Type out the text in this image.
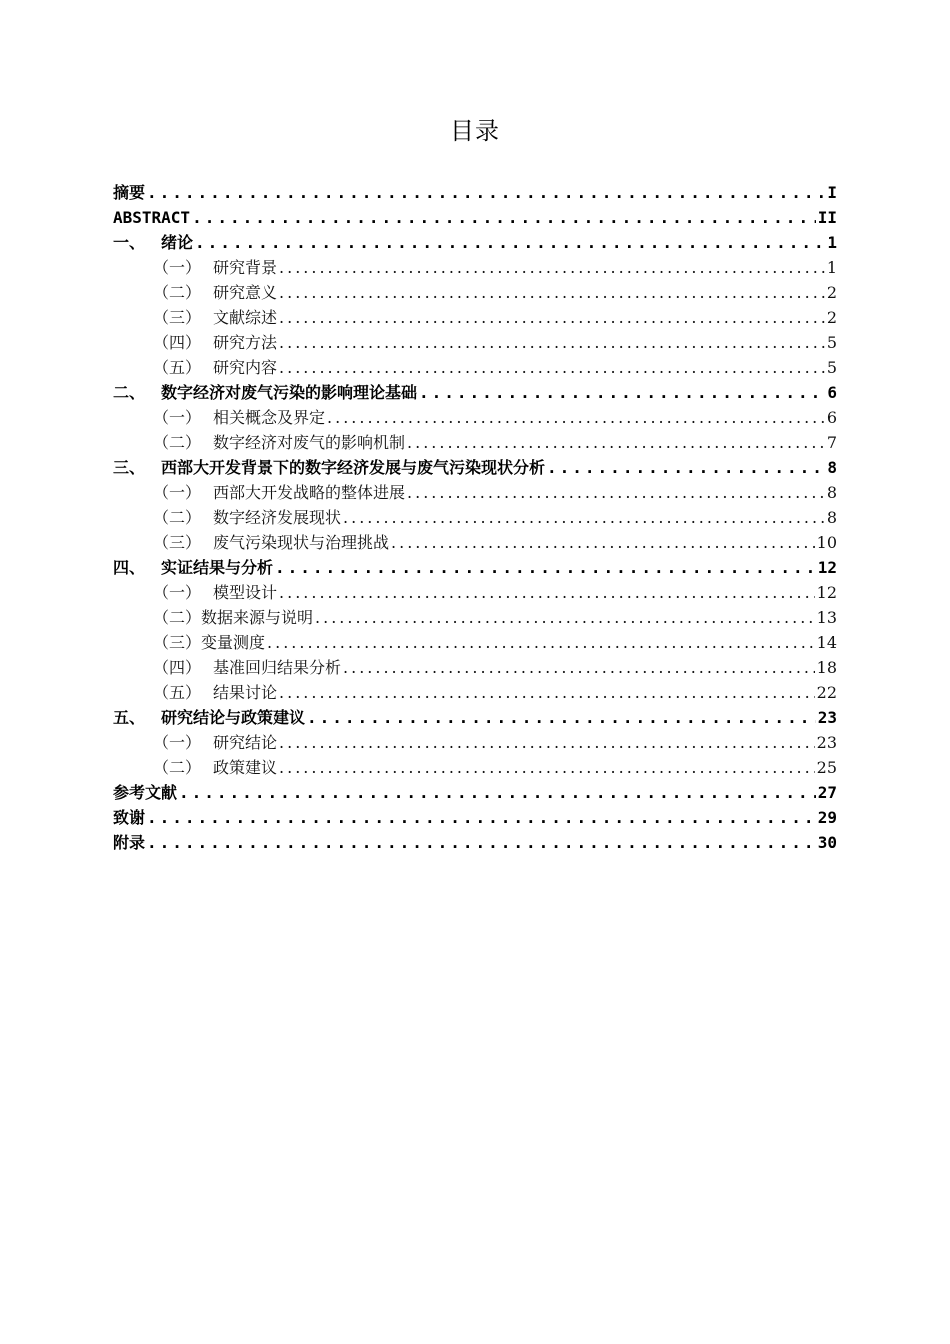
目录
摘要 .....	I
ABSTRACT .....	II
一、 绪论 .....	1
（一） 研究背景 .....	1
（二） 研究意义 .....	2
（三） 文献综述 .....	2
（四） 研究方法 .....	5
（五） 研究内容 .....	5
二、 数字经济对废气污染的影响理论基础 .....	6
（一） 相关概念及界定 .....	6
（二） 数字经济对废气的影响机制 .....	7
三、 西部大开发背景下的数字经济发展与废气污染现状分析 .....	8
（一） 西部大开发战略的整体进展 .....	8
（二） 数字经济发展现状 .....	8
（三） 废气污染现状与治理挑战 .....	10
四、 实证结果与分析 .....	12
（一） 模型设计 .....	12
（二） 数据来源与说明 .....	13
（三） 变量测度 .....	14
（四） 基准回归结果分析 .....	18
（五） 结果讨论 .....	22
五、 研究结论与政策建议 .....	23
（一） 研究结论 .....	23
（二） 政策建议 .....	25
参考文献 .....	27
致谢 .....	29
附录 .....	30
